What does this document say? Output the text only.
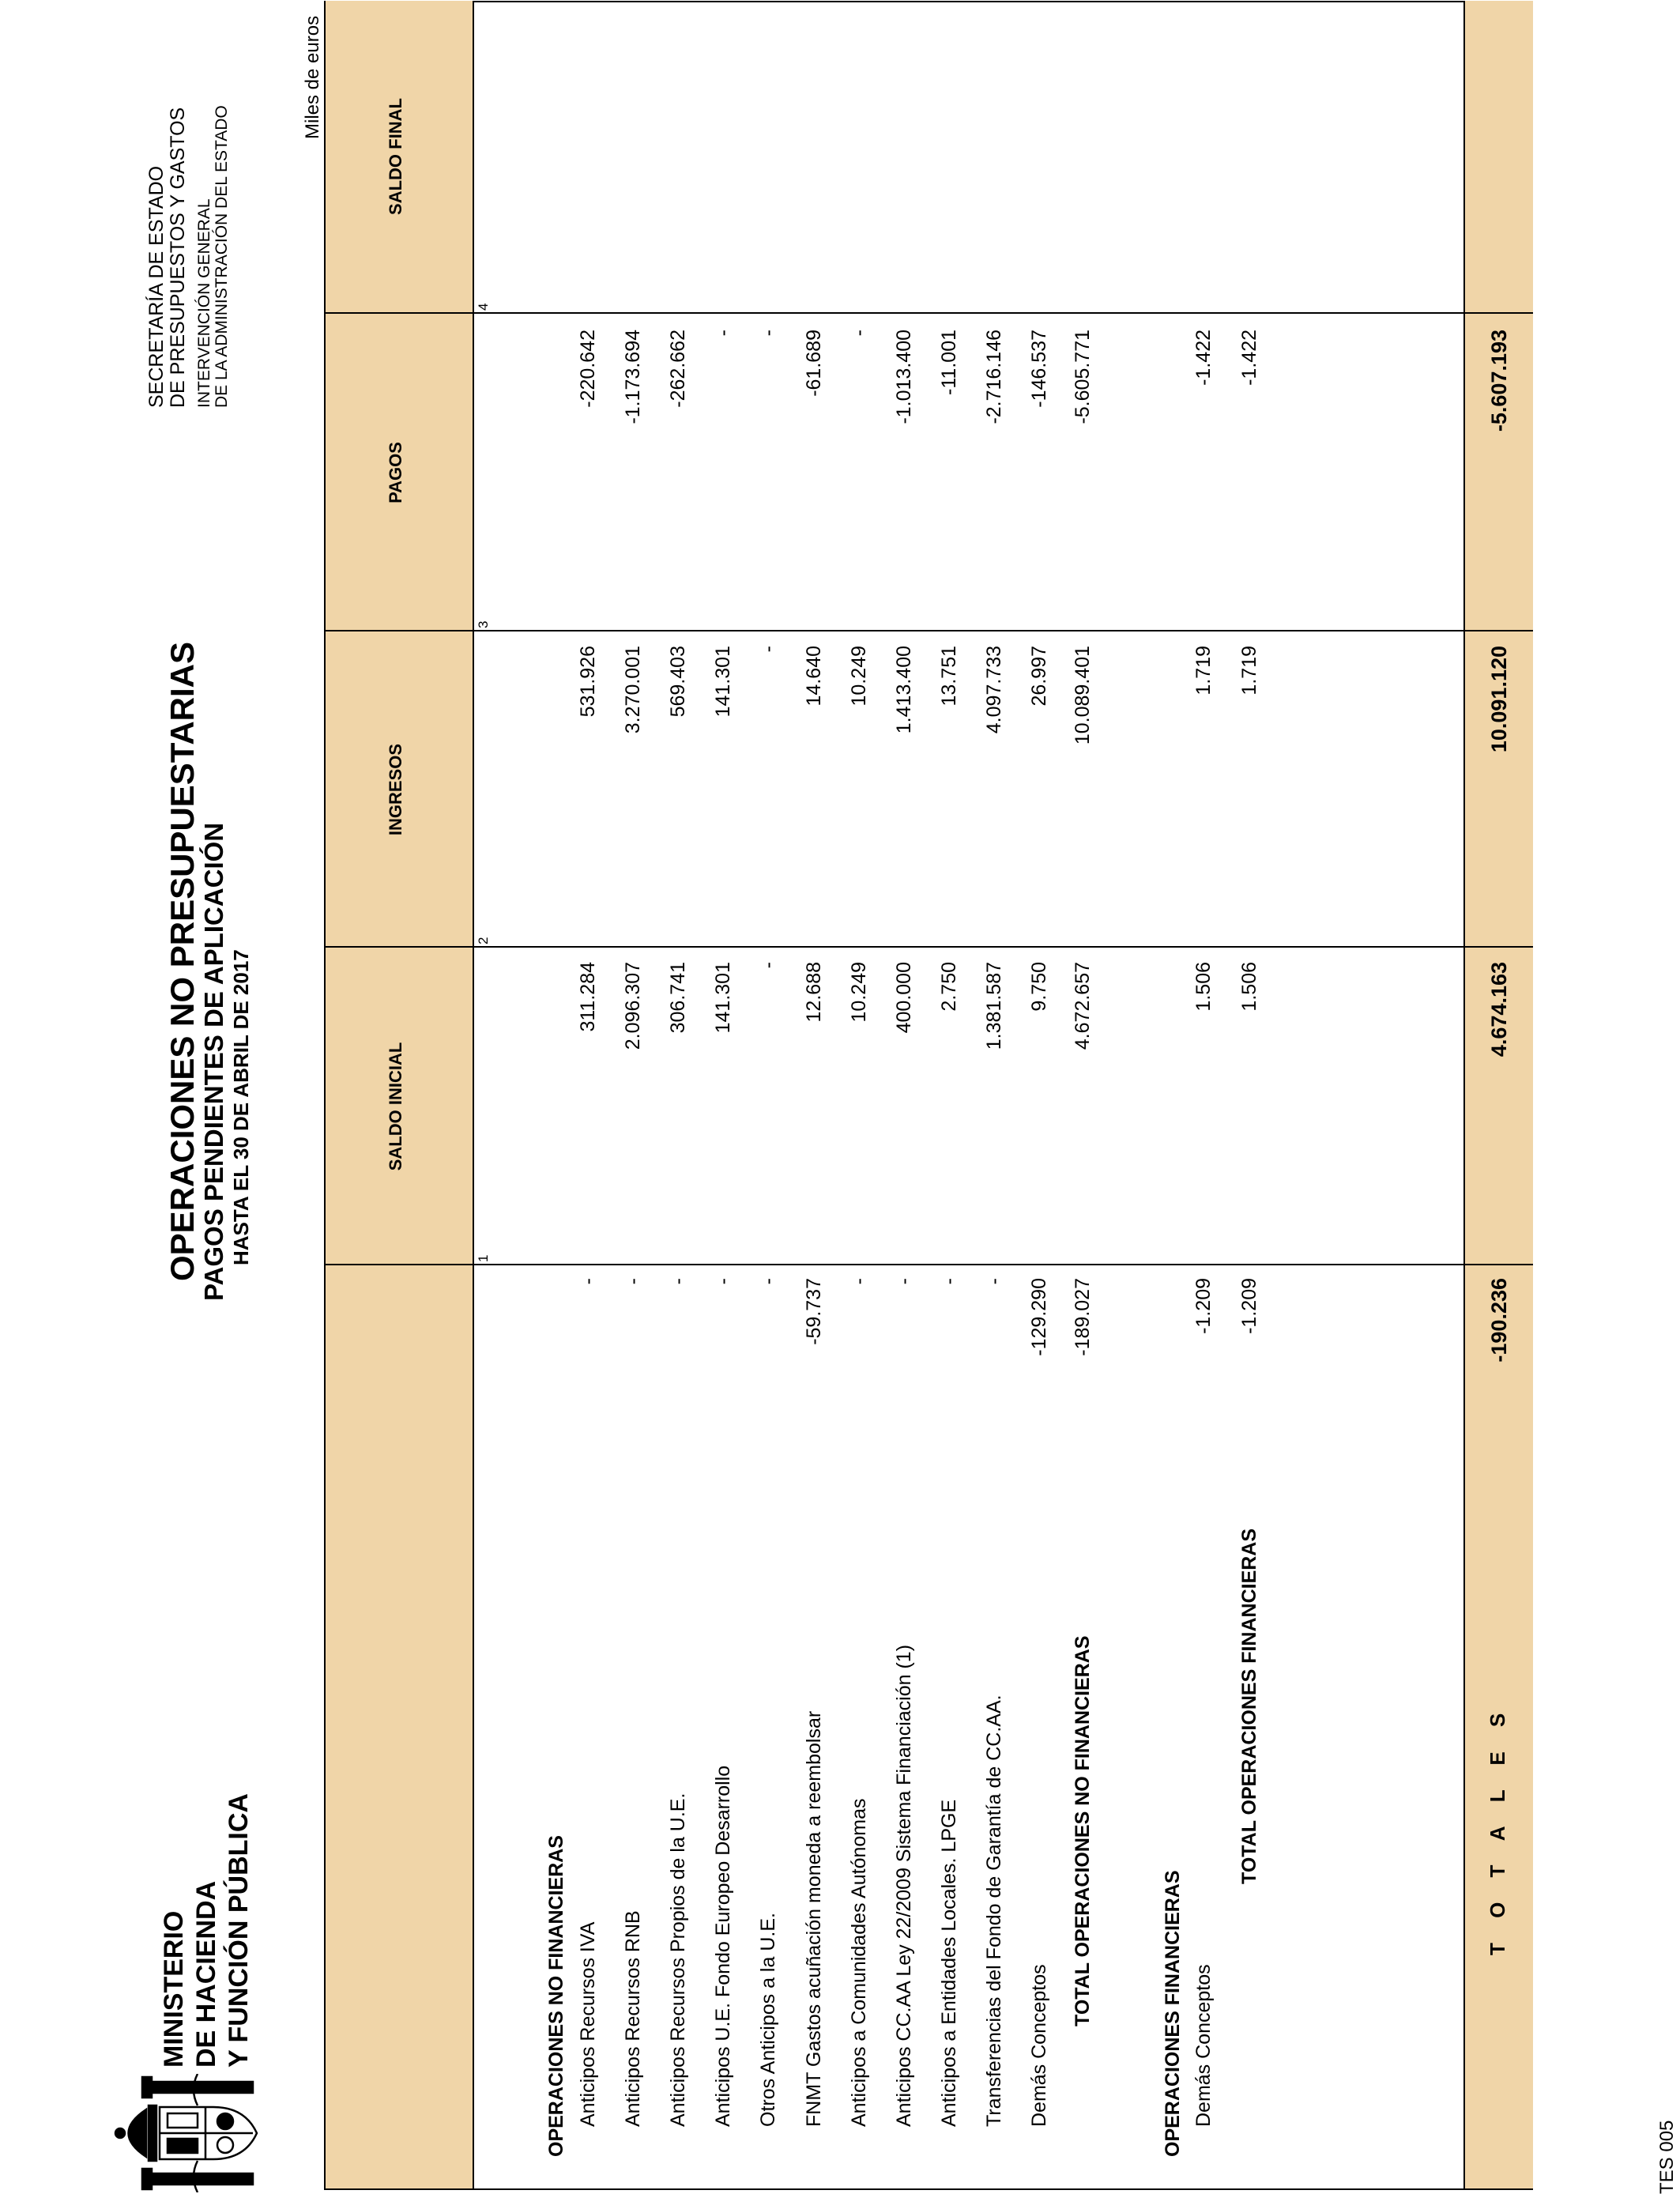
MINISTERIO DE HACIENDA Y FUNCIÓN PÚBLICA
OPERACIONES NO PRESUPUESTARIAS
PAGOS PENDIENTES DE APLICACIÓN HASTA EL 30 DE ABRIL DE 2017
SECRETARÍA DE ESTADO DE PRESUPUESTOS Y GASTOS INTERVENCIÓN GENERAL DE LA ADMINISTRACIÓN DEL ESTADO
Miles de euros
TES 005
SALDO INICIAL
INGRESOS
PAGOS
SALDO FINAL
1
2
3
4
OPERACIONES NO FINANCIERAS Anticipos Recursos IVA
-
311.284
531.926
-220.642
Anticipos Recursos RNB
-
2.096.307
3.270.001
-1.173.694
Anticipos Recursos Propios de la U.E.
-
306.741
569.403
-262.662
Anticipos U.E. Fondo Europeo Desarrollo
-
141.301
141.301
-
Otros Anticipos a la U.E.
-
-
-
-
FNMT Gastos acuñación moneda a reembolsar
-59.737
12.688
14.640
-61.689
Anticipos a Comunidades Autónomas
-
10.249
10.249
-
Anticipos CC.AA Ley 22/2009 Sistema Financiación (1)
-
400.000
1.413.400
-1.013.400
Anticipos a Entidades Locales. LPGE
-
2.750
13.751
-11.001
Transferencias del Fondo de Garantía de CC.AA.
-
1.381.587
4.097.733
-2.716.146
Demás Conceptos
-129.290
9.750
26.997
-146.537
TOTAL OPERACIONES NO FINANCIERAS
-189.027
4.672.657
10.089.401
-5.605.771
OPERACIONES FINANCIERAS Demás Conceptos
-1.209
1.506
1.719
-1.422
TOTAL OPERACIONES FINANCIERAS
-1.209
1.506
1.719
-1.422
T O T A L E S
-190.236
4.674.163
10.091.120
-5.607.193
